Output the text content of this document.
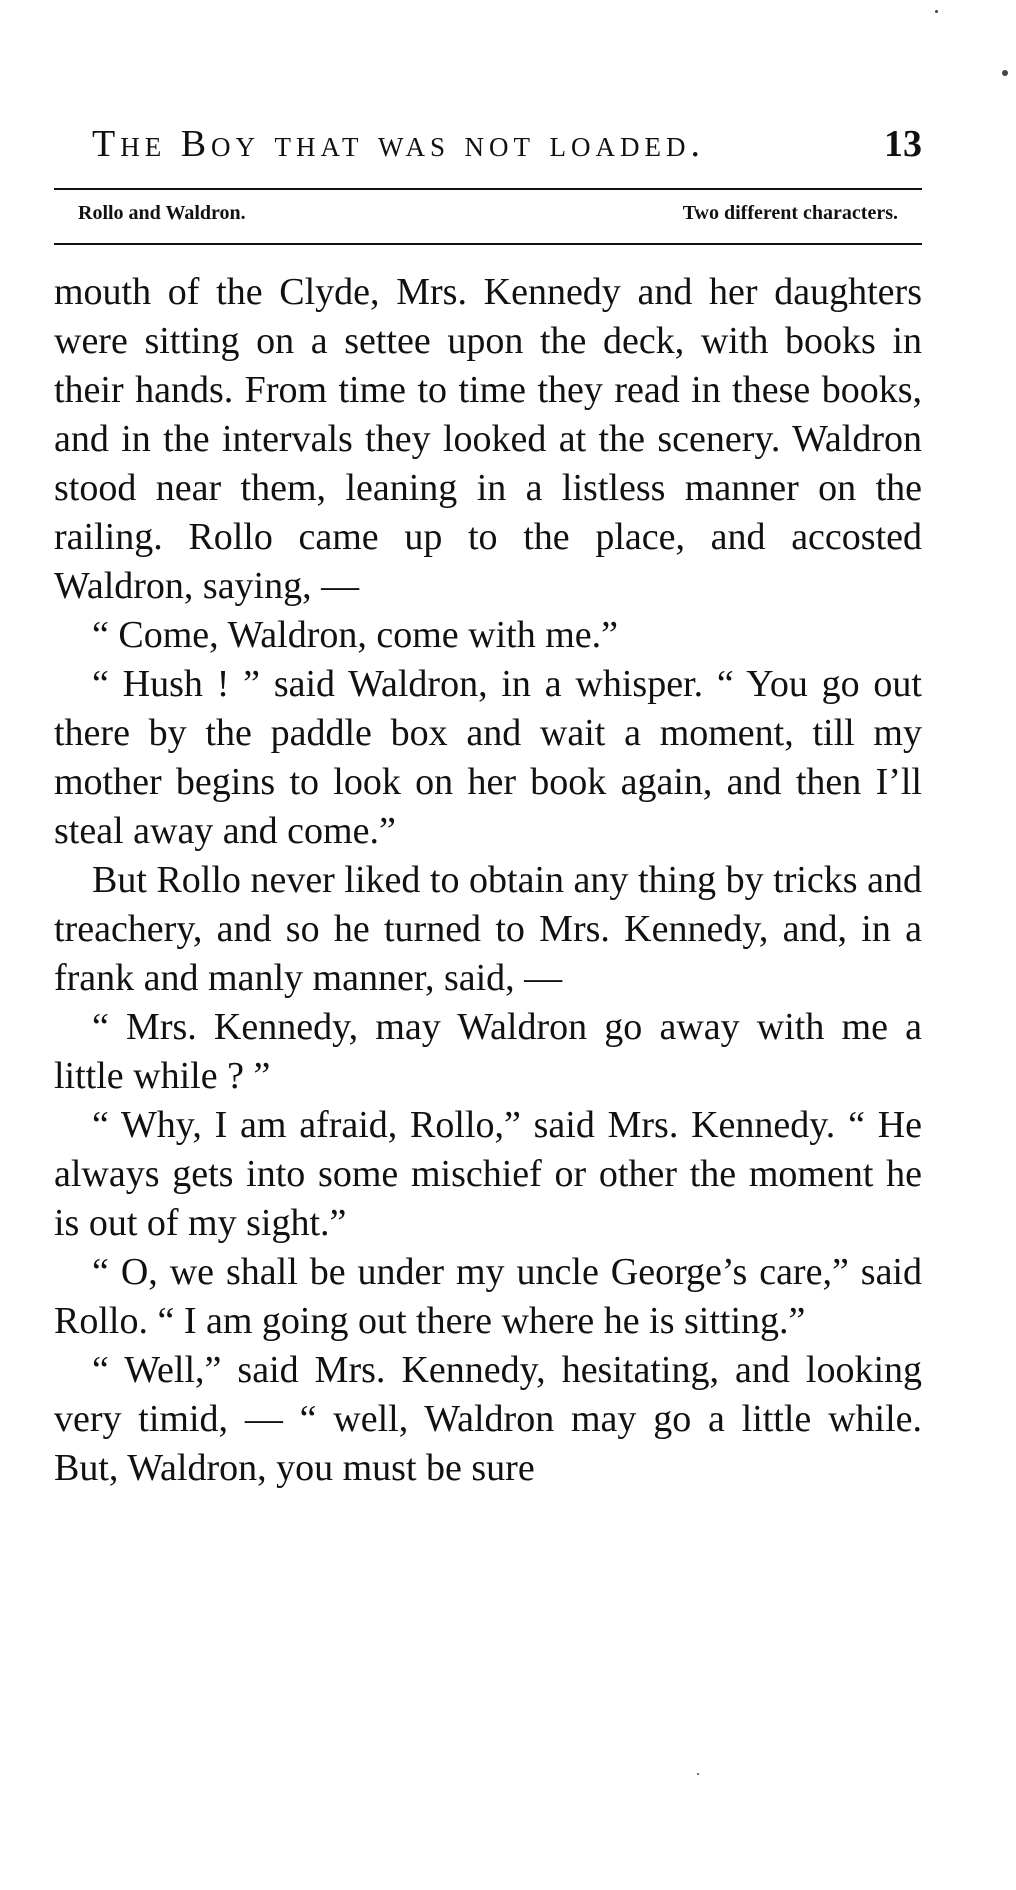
The Boy that was not loaded.	13
Rollo and Waldron.	Two different characters.

mouth of the Clyde, Mrs. Kennedy and her daughters were sitting on a settee upon the deck, with books in their hands. From time to time they read in these books, and in the intervals they looked at the scenery. Waldron stood near them, leaning in a listless manner on the railing. Rollo came up to the place, and accosted Waldron, saying, —

“ Come, Waldron, come with me.”

“ Hush ! ” said Waldron, in a whisper. “ You go out there by the paddle box and wait a moment, till my mother begins to look on her book again, and then I’ll steal away and come.”

But Rollo never liked to obtain any thing by tricks and treachery, and so he turned to Mrs. Kennedy, and, in a frank and manly manner, said, —

“ Mrs. Kennedy, may Waldron go away with me a little while ? ”

“ Why, I am afraid, Rollo,” said Mrs. Kennedy. “ He always gets into some mischief or other the moment he is out of my sight.”

“ O, we shall be under my uncle George’s care,” said Rollo. “ I am going out there where he is sitting.”

“ Well,” said Mrs. Kennedy, hesitating, and looking very timid, — “ well, Waldron may go a little while. But, Waldron, you must be sure
